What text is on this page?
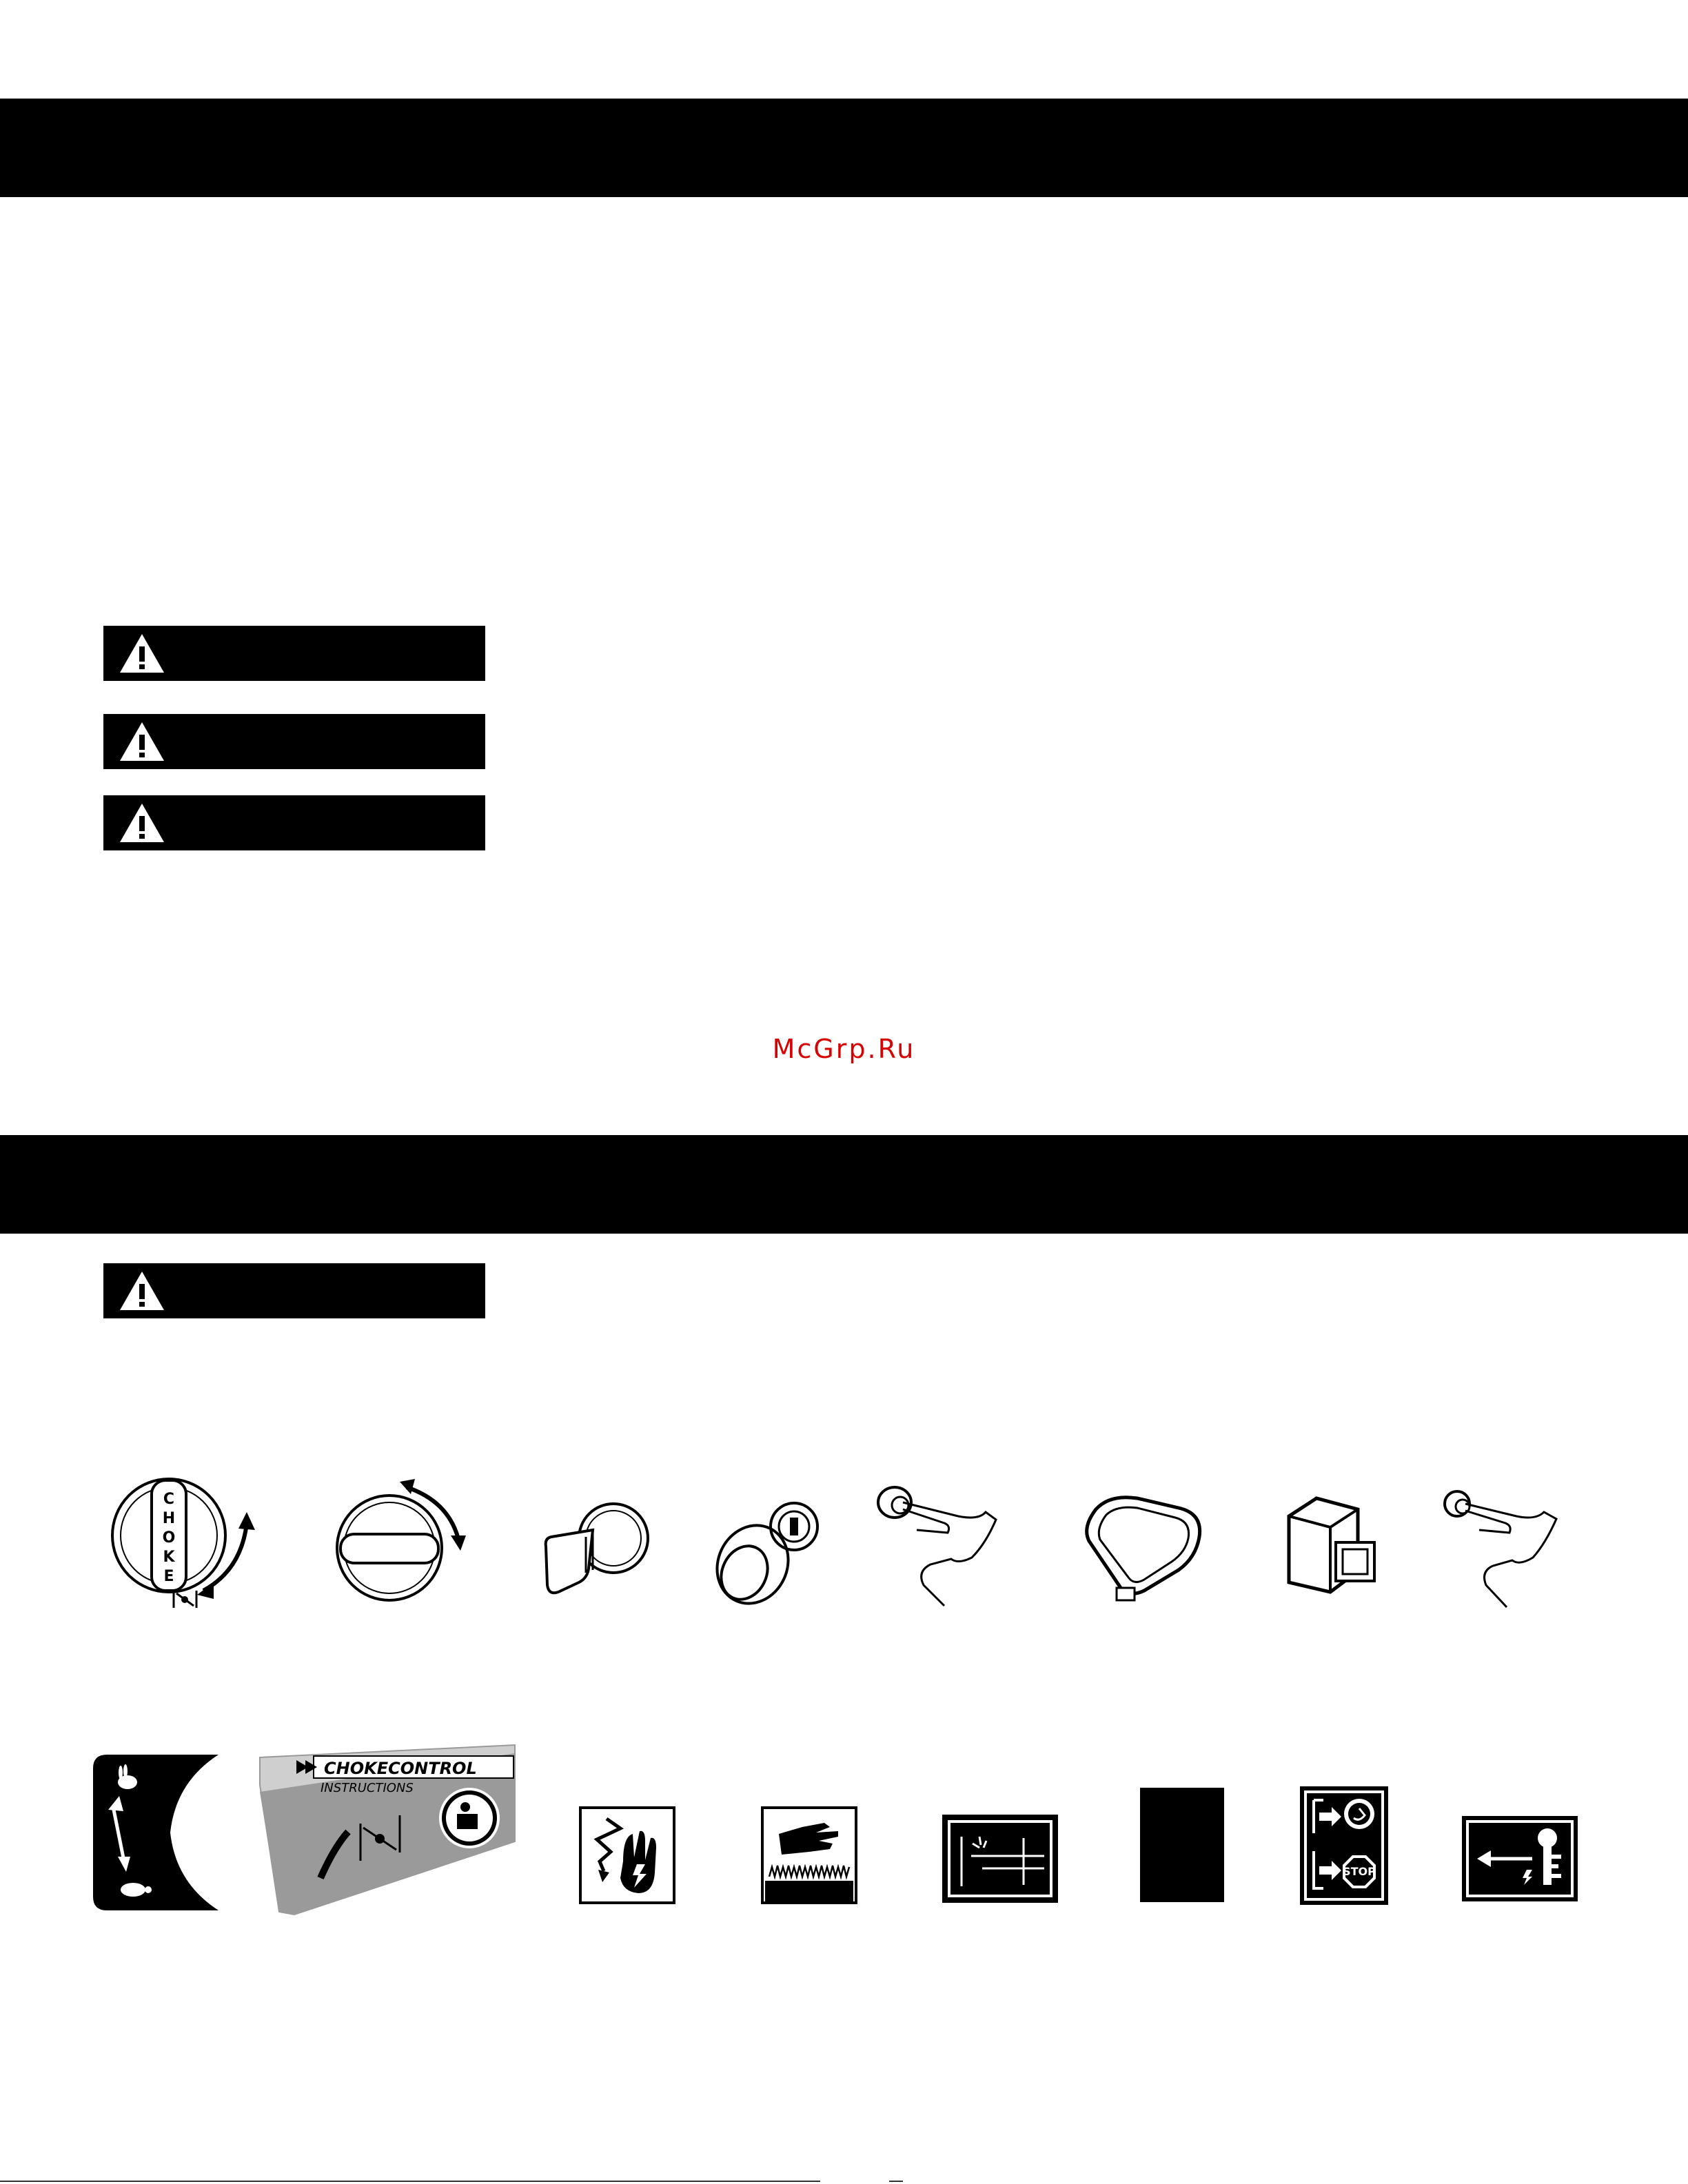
McGrp.Ru
C
H
O
K
E
CHOKECONTROL
INSTRUCTIONS
STOP
